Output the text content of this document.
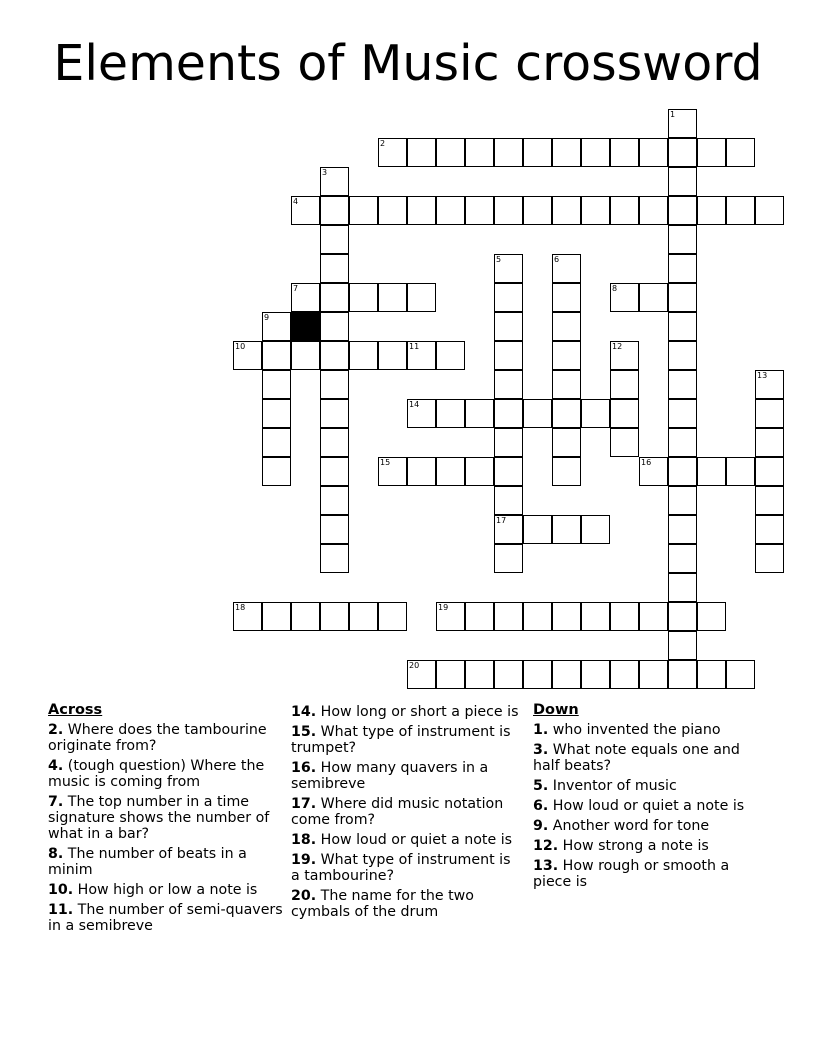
Elements of Music crossword
1
2
3
4
5
17
6
7	8
9
10	11	12
13
14
15	16
18	19
20
Across
2. Where does the tambourine originate from?
4. (tough question) Where the music is coming from
7. The top number in a time signature shows the number of what in a bar?
8. The number of beats in a minim
10. How high or low a note is
11. The number of semi-quavers in a semibreve
14. How long or short a piece is
15. What type of instrument is trumpet?
16. How many quavers in a semibreve
17. Where did music notation come from?
18. How loud or quiet a note is
19. What type of instrument is a tambourine?
20. The name for the two cymbals of the drum
Down
1. who invented the piano
3. What note equals one and half beats?
5. Inventor of music
6. How loud or quiet a note is
9. Another word for tone
12. How strong a note is
13. How rough or smooth a piece is
